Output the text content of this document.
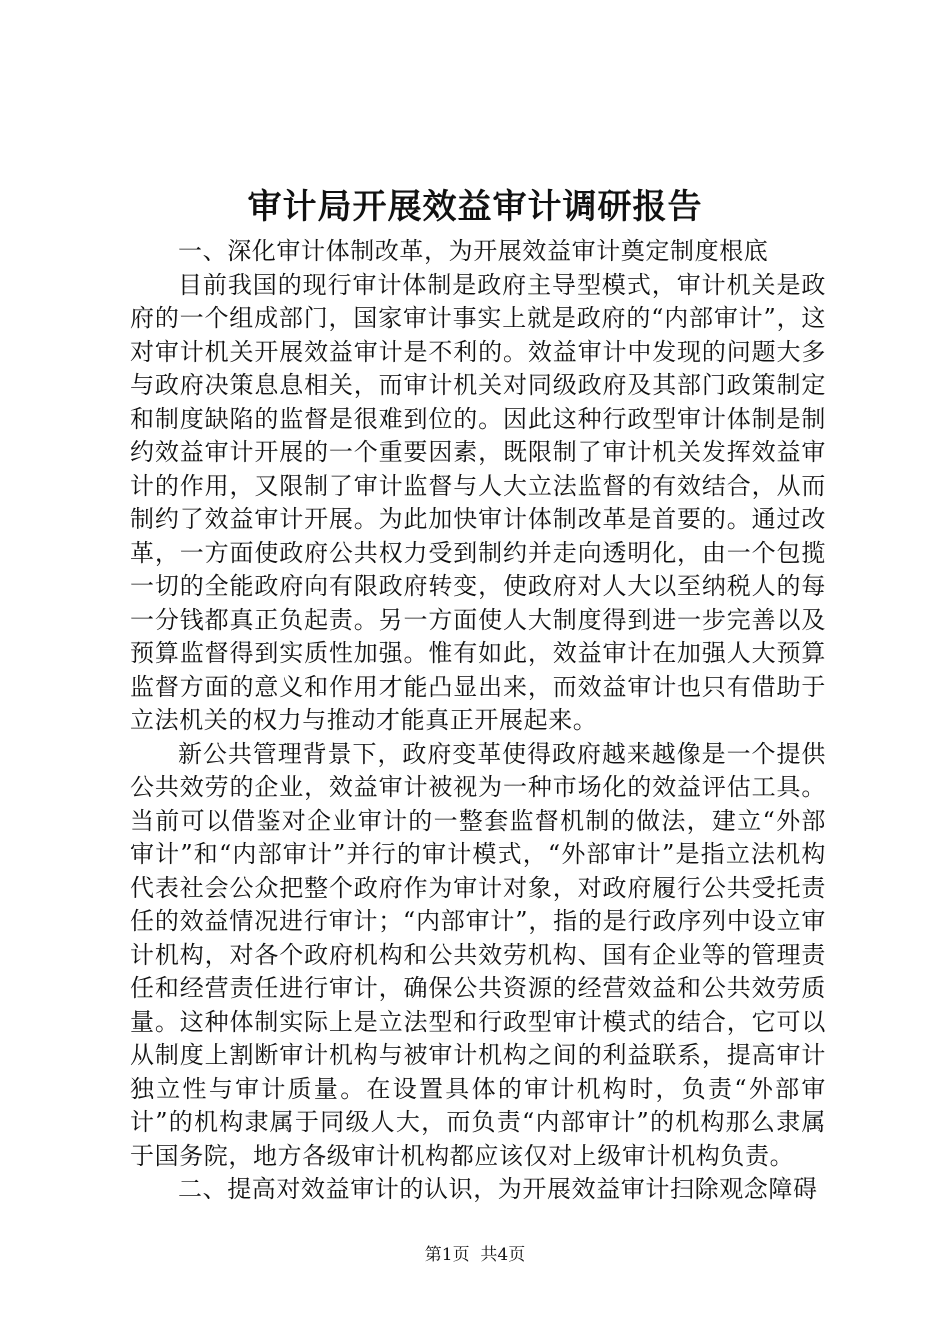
审计局开展效益审计调研报告

一、深化审计体制改革，为开展效益审计奠定制度根底

目前我国的现行审计体制是政府主导型模式，审计机关是政府的一个组成部门，国家审计事实上就是政府的“内部审计”，这对审计机关开展效益审计是不利的。效益审计中发现的问题大多与政府决策息息相关，而审计机关对同级政府及其部门政策制定和制度缺陷的监督是很难到位的。因此这种行政型审计体制是制约效益审计开展的一个重要因素，既限制了审计机关发挥效益审计的作用，又限制了审计监督与人大立法监督的有效结合，从而制约了效益审计开展。为此加快审计体制改革是首要的。通过改革，一方面使政府公共权力受到制约并走向透明化，由一个包揽一切的全能政府向有限政府转变，使政府对人大以至纳税人的每一分钱都真正负起责。另一方面使人大制度得到进一步完善以及预算监督得到实质性加强。惟有如此，效益审计在加强人大预算监督方面的意义和作用才能凸显出来，而效益审计也只有借助于立法机关的权力与推动才能真正开展起来。

新公共管理背景下，政府变革使得政府越来越像是一个提供公共效劳的企业，效益审计被视为一种市场化的效益评估工具。当前可以借鉴对企业审计的一整套监督机制的做法，建立“外部审计”和“内部审计”并行的审计模式，“外部审计”是指立法机构代表社会公众把整个政府作为审计对象，对政府履行公共受托责任的效益情况进行审计；“内部审计”，指的是行政序列中设立审计机构，对各个政府机构和公共效劳机构、国有企业等的管理责任和经营责任进行审计，确保公共资源的经营效益和公共效劳质量。这种体制实际上是立法型和行政型审计模式的结合，它可以从制度上割断审计机构与被审计机构之间的利益联系，提高审计独立性与审计质量。在设置具体的审计机构时，负责“外部审计”的机构隶属于同级人大，而负责“内部审计”的机构那么隶属于国务院，地方各级审计机构都应该仅对上级审计机构负责。

二、提高对效益审计的认识，为开展效益审计扫除观念障碍

第1页 共4页
